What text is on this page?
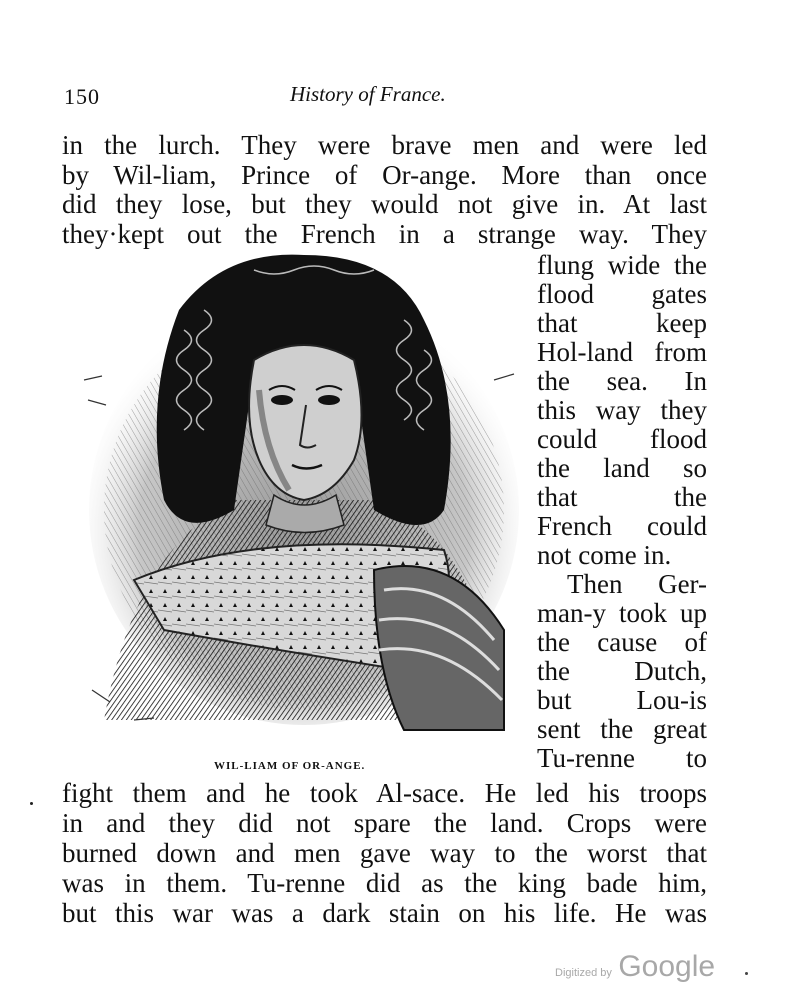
150	History of France.
in the lurch. They were brave men and were led
by Wil-liam, Prince of Or-ange. More than once
did they lose, but they would not give in. At last
they·kept out the French in a strange way. They
WIL-LIAM OF OR-ANGE.
flung wide the
flood gates
that keep
Hol-land from
the sea. In
this way they
could flood
the land so
that the
French could
not come in.
Then Ger-
man-y took up
the cause of
the Dutch,
but Lou-is
sent the great
Tu-renne to
fight them and he took Al-sace. He led his troops
in and they did not spare the land. Crops were
burned down and men gave way to the worst that
was in them. Tu-renne did as the king bade him,
but this war was a dark stain on his life. He was
Digitized by Google
